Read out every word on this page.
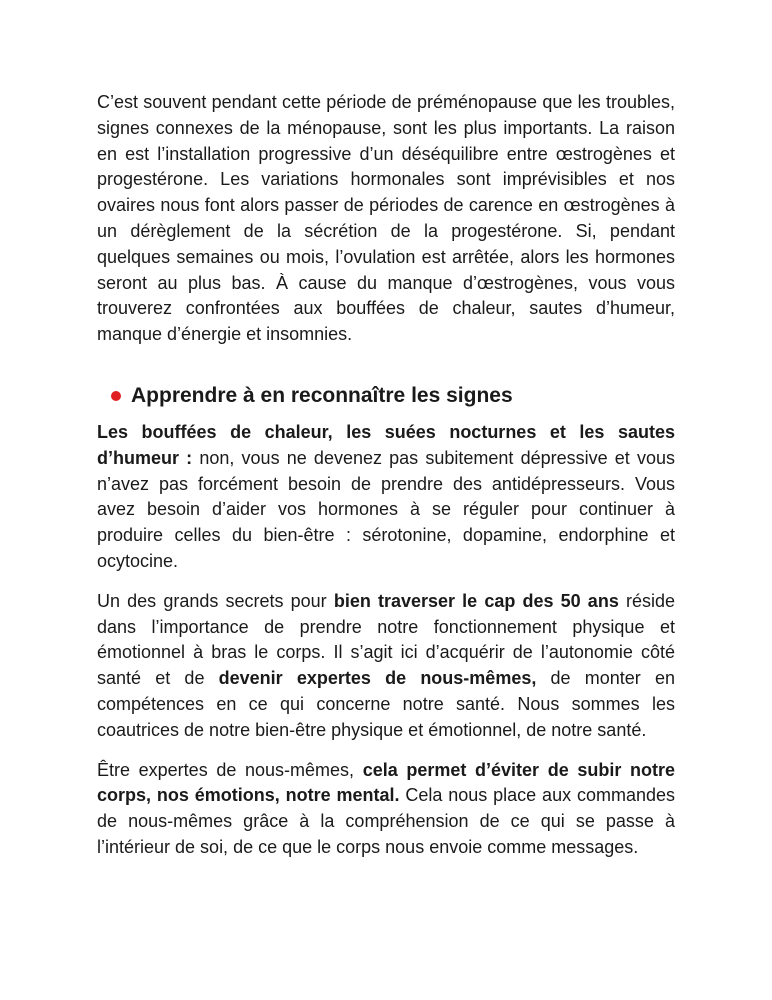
C’est souvent pendant cette période de préménopause que les troubles, signes connexes de la ménopause, sont les plus importants. La raison en est l’installation progressive d’un déséquilibre entre œstrogènes et progestérone. Les variations hormonales sont imprévisibles et nos ovaires nous font alors passer de périodes de carence en œstrogènes à un dérèglement de la sécrétion de la progestérone. Si, pendant quelques semaines ou mois, l’ovulation est arrêtée, alors les hormones seront au plus bas. À cause du manque d’œstrogènes, vous vous trouverez confrontées aux bouffées de chaleur, sautes d’humeur, manque d’énergie et insomnies.

Apprendre à en reconnaître les signes

Les bouffées de chaleur, les suées nocturnes et les sautes d’humeur : non, vous ne devenez pas subitement dépressive et vous n’avez pas forcément besoin de prendre des antidépresseurs. Vous avez besoin d’aider vos hormones à se réguler pour continuer à produire celles du bien-être : sérotonine, dopamine, endorphine et ocytocine.

Un des grands secrets pour bien traverser le cap des 50 ans réside dans l’importance de prendre notre fonctionnement physique et émotionnel à bras le corps. Il s’agit ici d’acquérir de l’autonomie côté santé et de devenir expertes de nous-mêmes, de monter en compétences en ce qui concerne notre santé. Nous sommes les coautrices de notre bien-être physique et émotionnel, de notre santé.

Être expertes de nous-mêmes, cela permet d’éviter de subir notre corps, nos émotions, notre mental. Cela nous place aux commandes de nous-mêmes grâce à la compréhension de ce qui se passe à l’intérieur de soi, de ce que le corps nous envoie comme messages.
